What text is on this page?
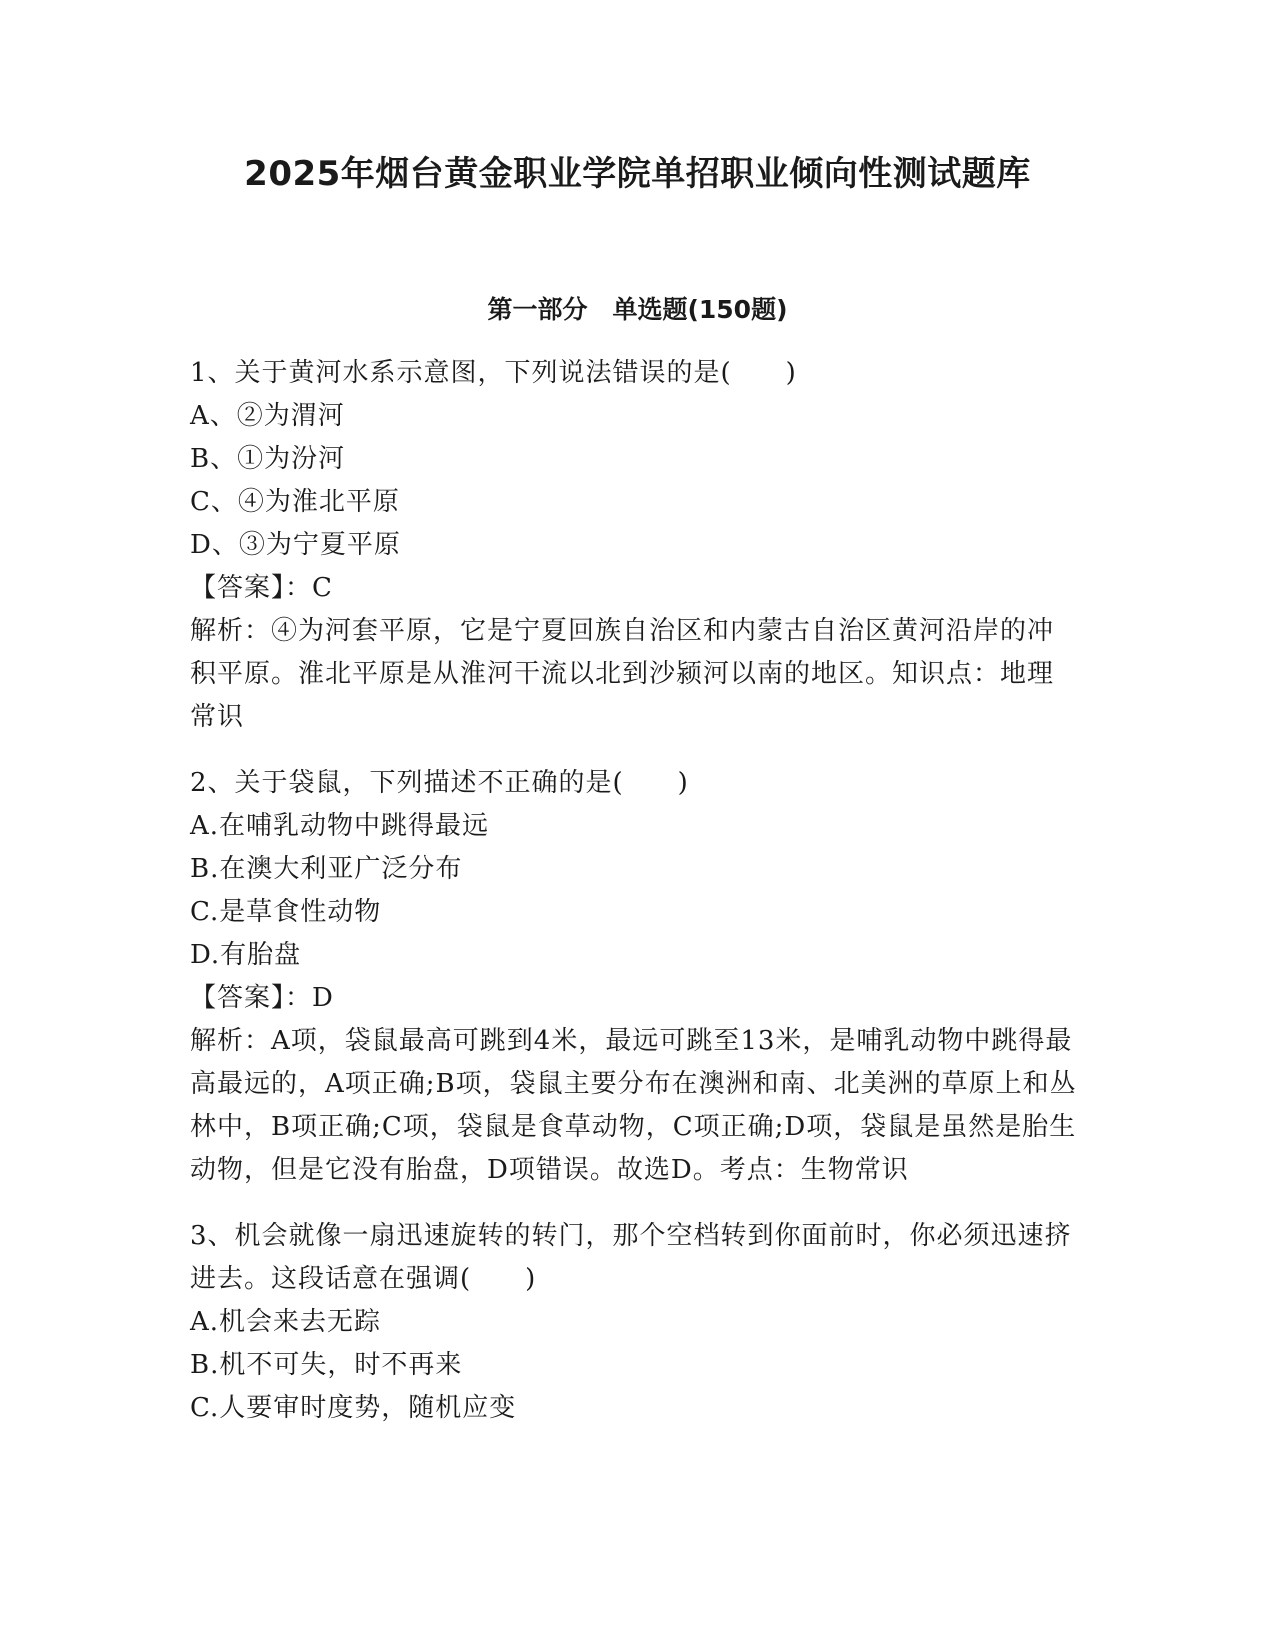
2025年烟台黄金职业学院单招职业倾向性测试题库
第一部分　单选题(150题)
1、关于黄河水系示意图，下列说法错误的是(　　)
A、②为渭河
B、①为汾河
C、④为淮北平原
D、③为宁夏平原
【答案】：C
解析：④为河套平原，它是宁夏回族自治区和内蒙古自治区黄河沿岸的冲积平原。淮北平原是从淮河干流以北到沙颍河以南的地区。知识点：地理常识
2、关于袋鼠，下列描述不正确的是(　　)
A.在哺乳动物中跳得最远
B.在澳大利亚广泛分布
C.是草食性动物
D.有胎盘
【答案】：D
解析：A项，袋鼠最高可跳到4米，最远可跳至13米，是哺乳动物中跳得最高最远的，A项正确;B项，袋鼠主要分布在澳洲和南、北美洲的草原上和丛林中，B项正确;C项，袋鼠是食草动物，C项正确;D项，袋鼠是虽然是胎生动物，但是它没有胎盘，D项错误。故选D。考点：生物常识
3、机会就像一扇迅速旋转的转门，那个空档转到你面前时，你必须迅速挤进去。这段话意在强调(　　)
A.机会来去无踪
B.机不可失，时不再来
C.人要审时度势，随机应变
